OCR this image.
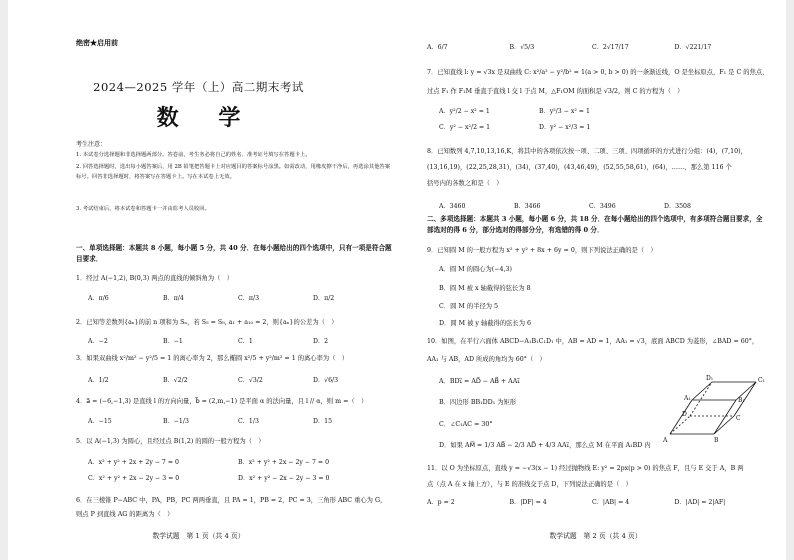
绝密★启用前
2024—2025 学年（上）高二期末考试
数 学
考生注意：
1. 本试卷分选择题和非选择题两部分。答卷前，考生务必将自己的姓名、准考证号填写在答题卡上。
2. 回答选择题时，选出每小题答案后，用 2B 铅笔把答题卡上对应题目的答案标号涂黑。如需改动，用橡皮擦干净后，再选涂其他答案标号。回答非选择题时，将答案写在答题卡上。写在本试卷上无效。
3. 考试结束后，将本试卷和答题卡一并由监考人员收回。
一、单项选择题：本题共 8 小题，每小题 5 分，共 40 分．在每小题给出的四个选项中，只有一项是符合题目要求．
1．经过 A(−1,2), B(0,3) 两点的直线的倾斜角为（　）
A．π/6	B．π/4	C．π/3	D．π/2
2．已知等差数列{aₙ}的前 n 项和为 Sₙ，若 S₅ = S₉, a₁ + a₁₀ = 2，则{aₙ}的公差为（　）
A．−2	B．−1	C．1	D．2
3．如果双曲线 x²/m² − y²/5 = 1 的离心率为 2，那么椭圆 x²/5 + y²/m² = 1 的离心率为（　）
A．1/2	B．√2/2	C．√3/2	D．√6/3
4．a⃗ = (−6,−1,3) 是直线 l 的方向向量，b⃗ = (2,m,−1) 是平面 α 的法向量，且 l // α，则 m =（　）
A．−15	B．−1/3	C．1/3	D．15
5．以 A(−1,3) 为圆心，且经过点 B(1,2) 的圆的一般方程为（　）
A．x² + y² + 2x + 2y − 7 = 0	B．x² + y² + 2x − 2y − 7 = 0
C．x² + y² + 2x − 2y − 3 = 0	D．x² + y² − 2x − 2y − 3 = 0
6．在三棱锥 P−ABC 中，PA，PB，PC 两两垂直，且 PA = 1，PB = 2，PC = 3，三角形 ABC 重心为 G，
则点 P 到直线 AG 的距离为（　）
数学试题　第 1 页（共 4 页）
A．6/7	B．√5/3	C．2√17/17	D．√221/17
7．已知直线 l: y = √3x 是双曲线 C: x²/a² − y²/b² = 1(a > 0, b > 0) 的一条渐近线，O 是坐标原点，F₁ 是 C 的焦点，
过点 F₁ 作 F₁M 垂直于直线 l 交 l 于点 M，△F₁OM 的面积是 √3/2，则 C 的方程为（　）
A．y²/2 − x² = 1	B．y²/3 − x² = 1
C．y² − x²/2 = 1	D．y² − x²/3 = 1
8．已知数列 4,7,10,13,16,K，将其中的各项依次按一项、二项、三项、四项循环的方式进行分组：(4)，(7,10)，
(13,16,19)，(22,25,28,31)，(34)，(37,40)，(43,46,49)，(52,55,58,61)，(64)，……，那么第 116 个
括号内的各数之和是（　）
A．3460	B．3466	C．3496	D．3508
二、多项选择题：本题共 3 小题，每小题 6 分，共 18 分．在每小题给出的四个选项中，有多项符合题目要求，全部选对的得 6 分，部分选对的得部分分，有选错的得 0 分．
9．已知圆 M 的一般方程为 x² + y² + 8x + 6y = 0，则下列说法正确的是（　）
A．圆 M 的圆心为(−4,3)
B．圆 M 被 x 轴截得的弦长为 8
C．圆 M 的半径为 5
D．圆 M 被 y 轴截得的弦长为 6
10．如图，在平行六面体 ABCD−A₁B₁C₁D₁ 中，AB = AD = 1，AA₁ = √3，底面 ABCD 为菱形，∠BAD = 60°，
AA₁ 与 AB，AD 所成的角均为 60°（　）
A．BD₁⃗ = AD⃗ − AB⃗ + AA₁⃗
B．四边形 BB₁DD₁ 为矩形
C．∠C₁AC = 30°
D．如果 AM⃗ = 1/3 AB⃗ − 2/3 AD⃗ + 4/3 AA₁⃗，那么点 M 在平面 A₁BD 内
A	B
C
D
A₁	B₁
C₁
D₁
11．以 O 为坐标原点，直线 y = −√3(x − 1) 经过抛物线 E: y² = 2px(p > 0) 的焦点 F，且与 E 交于 A，B 两
点（点 A 在 x 轴上方），与 E 的准线交于点 D，下列说法正确的是（　）
A．p = 2	B．|DF| = 4	C．|AB| = 4	D．|AD| = 2|AF|
数学试题　第 2 页（共 4 页）
